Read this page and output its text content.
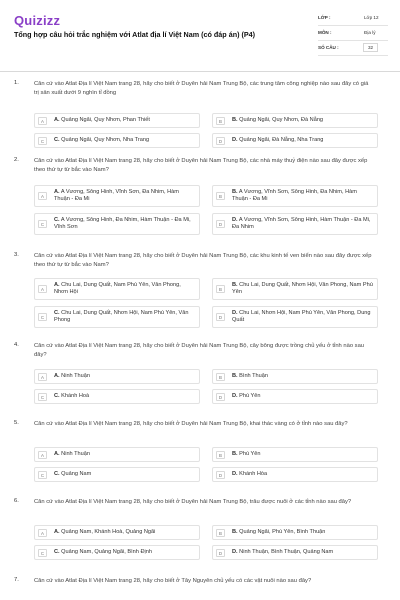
Quizizz
Tổng hợp câu hỏi trắc nghiệm với Atlat địa lí Việt Nam (có đáp án) (P4)
LỚP :	Lớp 12
MÔN :	Địa lý
SỐ CÂU :	32
1.	Căn cứ vào Atlat Địa lí Việt Nam trang 28, hãy cho biết ở Duyên hải Nam Trung Bộ, các trung tâm công nghiệp nào sau đây có giá trị sản xuất dưới 9 nghìn tỉ đồng
A	A. Quảng Ngãi, Quy Nhơn, Phan Thiết	B	B. Quảng Ngãi, Quy Nhơn, Đà Nẵng
C	C. Quảng Ngãi, Quy Nhơn, Nha Trang	D	D. Quảng Ngãi, Đà Nẵng, Nha Trang
2.	Căn cứ vào Atlat Địa lí Việt Nam trang 28, hãy cho biết ở Duyên hải Nam Trung Bộ, các nhà máy thuỷ điện nào sau đây được xếp theo thứ tự từ bắc vào Nam?
A
A. A Vương, Sông Hinh, Vĩnh Sơn, Đa Nhim, Hàm Thuận - Đa Mi	B
B. A Vương, Vĩnh Sơn, Sông Hinh, Đa Nhim, Hàm Thuận - Đa Mi
C
C. A Vương, Sông Hinh, Đa Nhim, Hàm Thuận - Đa Mi, Vĩnh Sơn	D
D. A Vương, Vĩnh Sơn, Sông Hinh, Hàm Thuận - Đa Mi, Đa Nhim
3.	Căn cứ vào Atlat Địa lí Việt Nam trang 28, hãy cho biết ở Duyên hải Nam Trung Bộ, các khu kinh tế ven biển nào sau đây được xếp theo thứ tự từ bắc vào Nam?
A
A. Chu Lai, Dung Quất, Nam Phú Yên, Vân Phong, Nhơn Hội	B
B. Chu Lai, Dung Quất, Nhơn Hội, Vân Phong, Nam Phú Yên
C
C. Chu Lai, Dung Quất, Nhơn Hội, Nam Phú Yên, Vân Phong	D
D. Chu Lai, Nhơn Hội, Nam Phú Yên, Vân Phong, Dung Quất
4.	Căn cứ vào Atlat Địa lí Việt Nam trang 28, hãy cho biết ở Duyên hải Nam Trung Bộ, cây bông được trồng chủ yếu ở tỉnh nào sau đây?
A	A. Ninh Thuận	B	B. Bình Thuận
C	C. Khánh Hoà	D	D. Phú Yên
5.	Căn cứ vào Atlat Địa lí Việt Nam trang 28, hãy cho biết ở Duyên hải Nam Trung Bộ, khai thác vàng có ở tỉnh nào sau đây?
A	A. Ninh Thuận	B	B. Phú Yên
C	C. Quảng Nam	D	D. Khánh Hòa
6.	Căn cứ vào Atlat Địa lí Việt Nam trang 28, hãy cho biết ở Duyên hải Nam Trung Bộ, trâu được nuôi ở các tỉnh nào sau đây?
A	A. Quảng Nam, Khánh Hoà, Quảng Ngãi	B	B. Quảng Ngãi, Phú Yên, Bình Thuận
C	C. Quảng Nam, Quảng Ngãi, Bình Định	D	D. Ninh Thuận, Bình Thuận, Quảng Nam
7.	Căn cứ vào Atlat Địa lí Việt Nam trang 28, hãy cho biết ở Tây Nguyên chủ yếu có các vật nuôi nào sau đây?
